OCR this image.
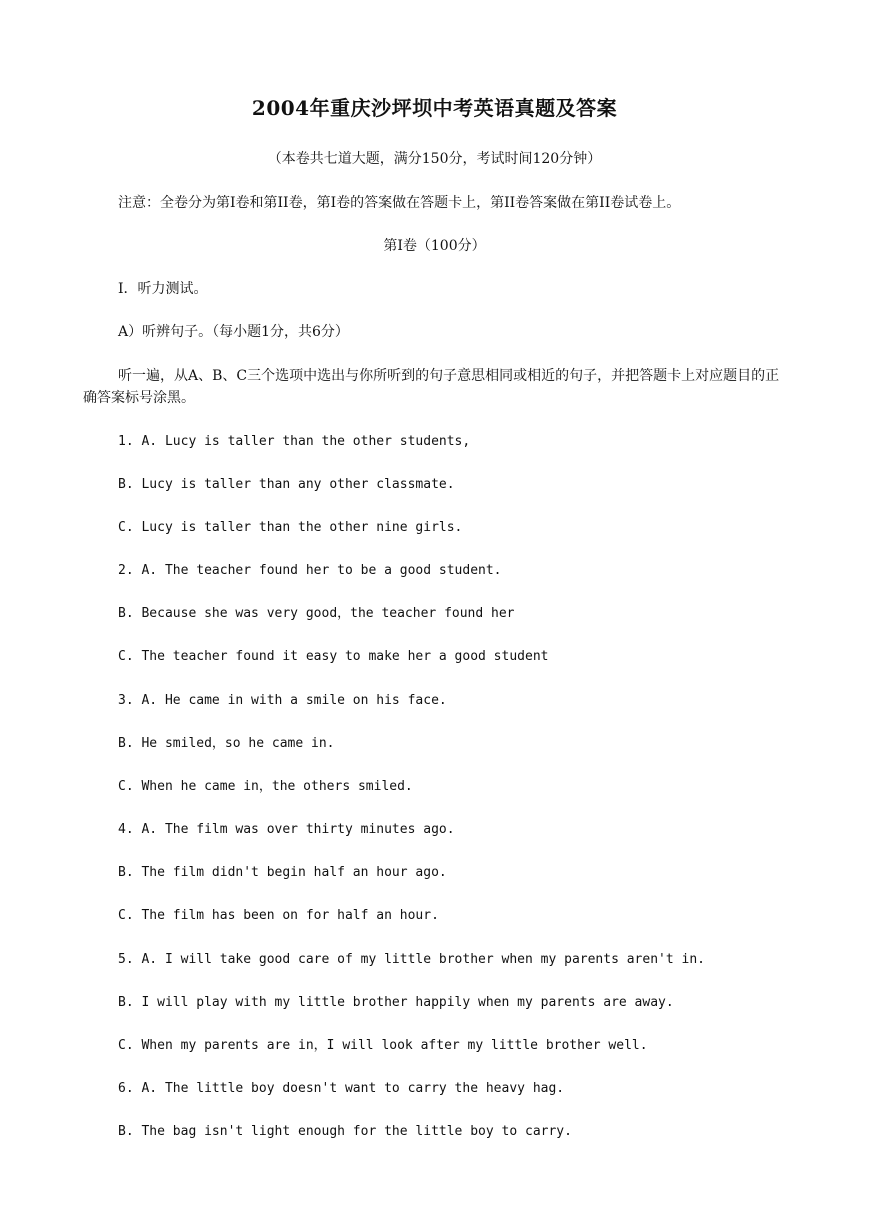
2004年重庆沙坪坝中考英语真题及答案
（本卷共七道大题，满分150分，考试时间120分钟）
注意：全卷分为第I卷和第II卷，第I卷的答案做在答题卡上，第II卷答案做在第II卷试卷上。
第I卷（100分）
I．听力测试。
A）听辨句子。（每小题1分，共6分）
听一遍，从A、B、C三个选项中选出与你所听到的句子意思相同或相近的句子，并把答题卡上对应题目的正确答案标号涂黑。
1. A. Lucy is taller than the other students,
B. Lucy is taller than any other classmate.
C. Lucy is taller than the other nine girls.
2. A. The teacher found her to be a good student.
B. Because she was very good，the teacher found her
C. The teacher found it easy to make her a good student
3. A. He came in with a smile on his face.
B. He smiled，so he came in.
C. When he came in，the others smiled.
4. A. The film was over thirty minutes ago.
B. The film didn't begin half an hour ago.
C. The film has been on for half an hour.
5. A. I will take good care of my little brother when my parents aren't in.
B. I will play with my little brother happily when my parents are away.
C. When my parents are in，I will look after my little brother well.
6. A. The little boy doesn't want to carry the heavy hag.
B. The bag isn't light enough for the little boy to carry.
